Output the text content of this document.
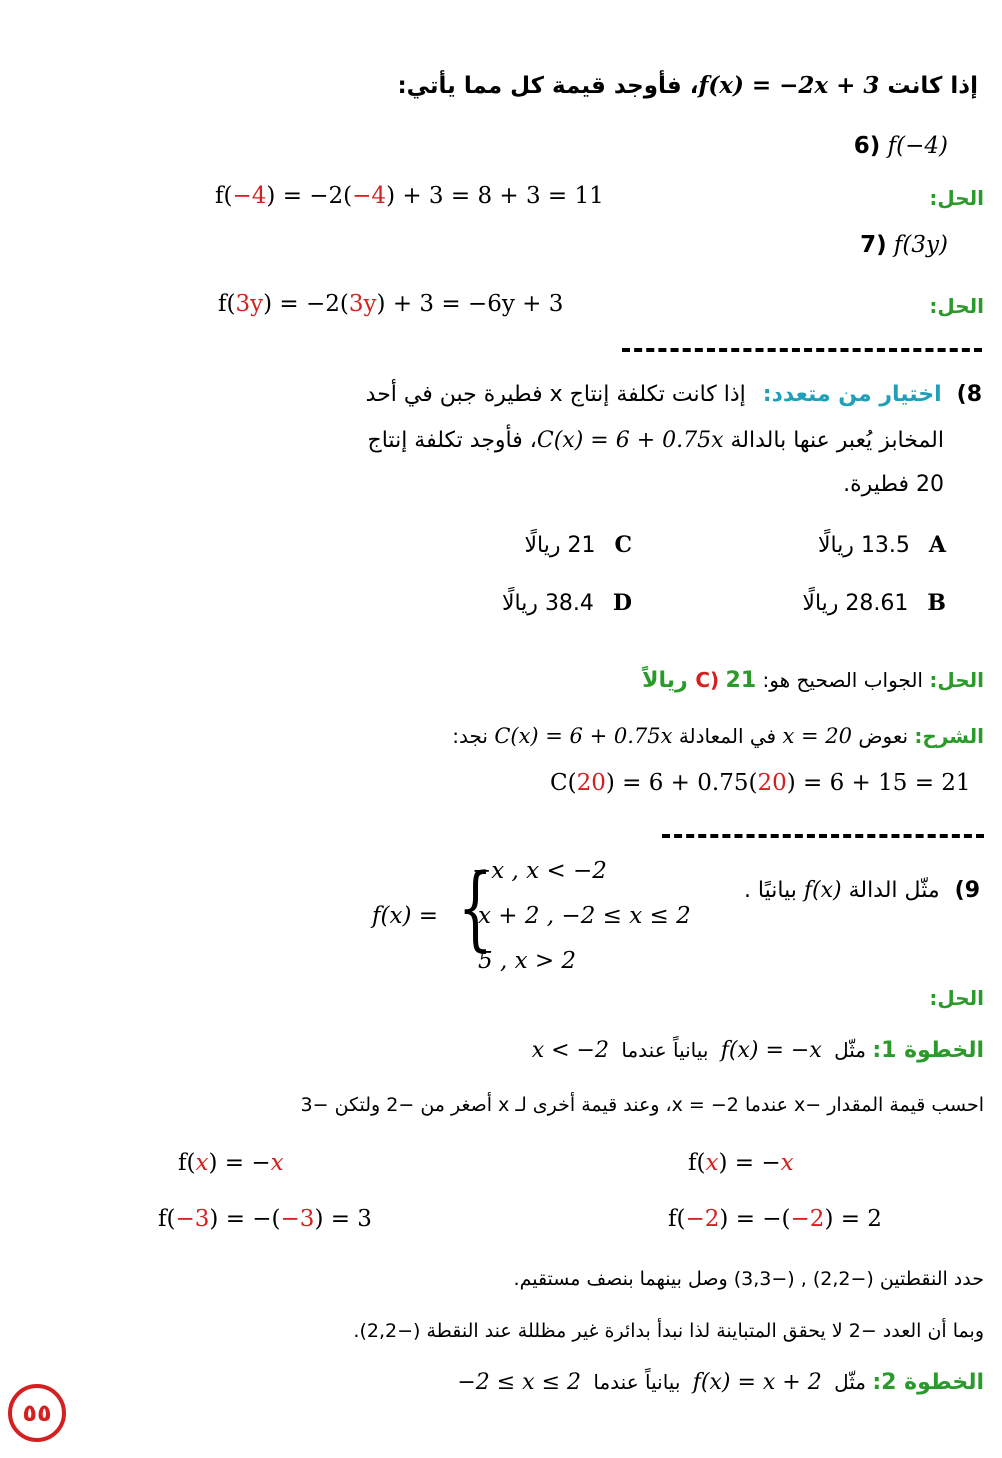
إذا كانت f(x) = −2x + 3، فأوجد قيمة كل مما يأتي:
6) f(−4)
الحل:
f(−4) = −2(−4) + 3 = 8 + 3 = 11
7) f(3y)
الحل:
f(3y) = −2(3y) + 3 = −6y + 3
8) اختيار من متعدد: إذا كانت تكلفة إنتاج x فطيرة جبن في أحد
المخابز يُعبر عنها بالدالة C(x) = 6 + 0.75x، فأوجد تكلفة إنتاج
20 فطيرة.
A 13.5 ريالًا
C 21 ريالًا
B 28.61 ريالًا
D 38.4 ريالًا
الحل: الجواب الصحيح هو: C) 21 ريالاً
الشرح: نعوض x = 20 في المعادلة C(x) = 6 + 0.75x نجد:
C(20) = 6 + 0.75(20) = 6 + 15 = 21
9) مثّل الدالة f(x) بيانيًا .
f(x) = {
−x , x < −2
x + 2 , −2 ≤ x ≤ 2
5 , x > 2
الحل:
الخطوة 1: مثّل f(x) = −x بيانياً عندما x < −2
احسب قيمة المقدار −x عندما x = −2، وعند قيمة أخرى لـ x أصغر من −2 ولتكن −3
f(x) = −x
f(x) = −x
f(−2) = −(−2) = 2
f(−3) = −(−3) = 3
حدد النقطتين (−2,2) , (−3,3) وصل بينهما بنصف مستقيم.
وبما أن العدد −2 لا يحقق المتباينة لذا نبدأ بدائرة غير مظللة عند النقطة (−2,2).
الخطوة 2: مثّل f(x) = x + 2 بيانياً عندما −2 ≤ x ≤ 2
٥٥
